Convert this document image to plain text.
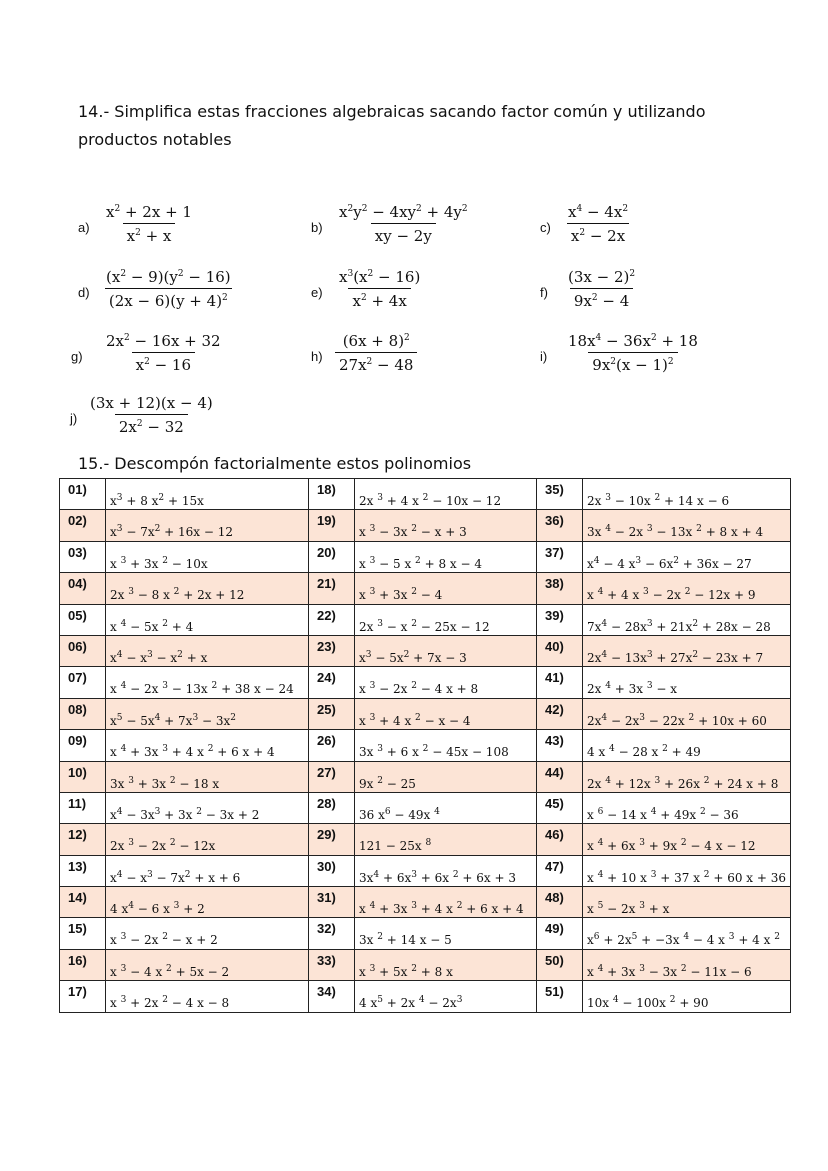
14.- Simplifica estas fracciones algebraicas sacando factor común y utilizando productos notables
$a) \frac{x^2 + 2x + 1}{x^2 + x}$	$b) \frac{x^2y^2 - 4xy^2 + 4y^2}{xy - 2y}$	$c) \frac{x^4 - 4x^2}{x^2 - 2x}$
$d) \frac{(x^2 - 9)(y^2 - 16)}{(2x - 6)(y + 4)^2}$	$e) \frac{x^3(x^2 - 16)}{x^2 + 4x}$	$f) \frac{(3x - 2)^2}{9x^2 - 4}$
$g) \frac{2x^2 - 16x + 32}{x^2 - 16}$	$h) \frac{(6x + 8)^2}{27x^2 - 48}$	$i) \frac{18x^4 - 36x^2 + 18}{9x^2(x - 1)^2}$
$j) \frac{(3x + 12)(x - 4)}{2x^2 - 32}$
15.- Descompón factorialmente estos polinomios
01)	$x^3 + 8$ $x^2 + 15x$	18)	2x $^3$ + 4 x $^2$ − 10x − 12	35)	2x $^3$ − 10x $^2$ + 14 x − 6
02)	$x^3 - 7x^2 + 16x - 12$	19)	x $^3$ − 3x $^2$ − x + 3	36)	3x $^4$ − 2x $^3$ − 13x $^2$ + 8 x + 4
03)	x $^3$ + 3x $^2$ − 10x	20)	x $^3$ − 5 x $^2$ + 8 x − 4	37)	$x^4 - 4$ $x^3 - 6x^2 + 36x - 27$
04)	2x $^3$ − 8 x $^2$ + 2x + 12	21)	x $^3$ + 3x $^2$ − 4	38)	x $^4$ + 4 x $^3$ − 2x $^2$ − 12x + 9
05)	x $^4$ − 5x $^2$ + 4	22)	2x $^3$ − x $^2$ − 25x − 12	39)	$7x^4 - 28x^3 + 21x^2 + 28x - 28$
06)	$x^4 - x^3 - x^2 + x$	23)	$x^3 - 5x^2 + 7x - 3$	40)	$2x^4 - 13x^3 + 27x^2 - 23x + 7$
07)	x $^4$ − 2x $^3$ − 13x $^2$ + 38 x − 24	24)	x $^3$ − 2x $^2$ − 4 x + 8	41)	2x $^4$ + 3x $^3$ − x
08)	$x^5 - 5x^4 + 7x^3 - 3x^2$	25)	x $^3$ + 4 x $^2$ − x − 4	42)	$2x^4 - 2x^3 - 22x$ $^2$ + 10x + 60
09)	x $^4$ + 3x $^3$ + 4 x $^2$ + 6 x + 4	26)	3x $^3$ + 6 x $^2$ − 45x − 108	43)	4 x $^4$ − 28 x $^2$ + 49
10)	3x $^3$ + 3x $^2$ − 18 x	27)	9x $^2$ − 25	44)	2x $^4$ + 12x $^3$ + 26x $^2$ + 24 x + 8
11)	$x^4 - 3x^3 + 3x$ $^2$ − 3x + 2	28)	36 $x^6 - 49x$ $^4$	45)	x $^6$ − 14 x $^4$ + 49x $^2$ − 36
12)	2x $^3$ − 2x $^2$ − 12x	29)	121 − 25x $^8$	46)	x $^4$ + 6x $^3$ + 9x $^2$ − 4 x − 12
13)	$x^4 - x^3 - 7x^2 + x + 6$	30)	$3x^4 + 6x^3 + 6x$ $^2$ + 6x + 3	47)	x $^4$ + 10 x $^3$ + 37 x $^2$ + 60 x + 36
14)	4 $x^4 - 6$ x $^3$ + 2	31)	x $^4$ + 3x $^3$ + 4 x $^2$ + 6 x + 4	48)	x $^5$ − 2x $^3$ + x
15)	x $^3$ − 2x $^2$ − x + 2	32)	3x $^2$ + 14 x − 5	49)	$x^6 + 2x^5 + -3x$ $^4$ − 4 x $^3$ + 4 x $^2$
16)	x $^3$ − 4 x $^2$ + 5x − 2	33)	x $^3$ + 5x $^2$ + 8 x	50)	x $^4$ + 3x $^3$ − 3x $^2$ − 11x − 6
17)	x $^3$ + 2x $^2$ − 4 x − 8	34)	4 $x^5 + 2x$ $^4 - 2x^3$	51)	10x $^4$ − 100x $^2$ + 90
